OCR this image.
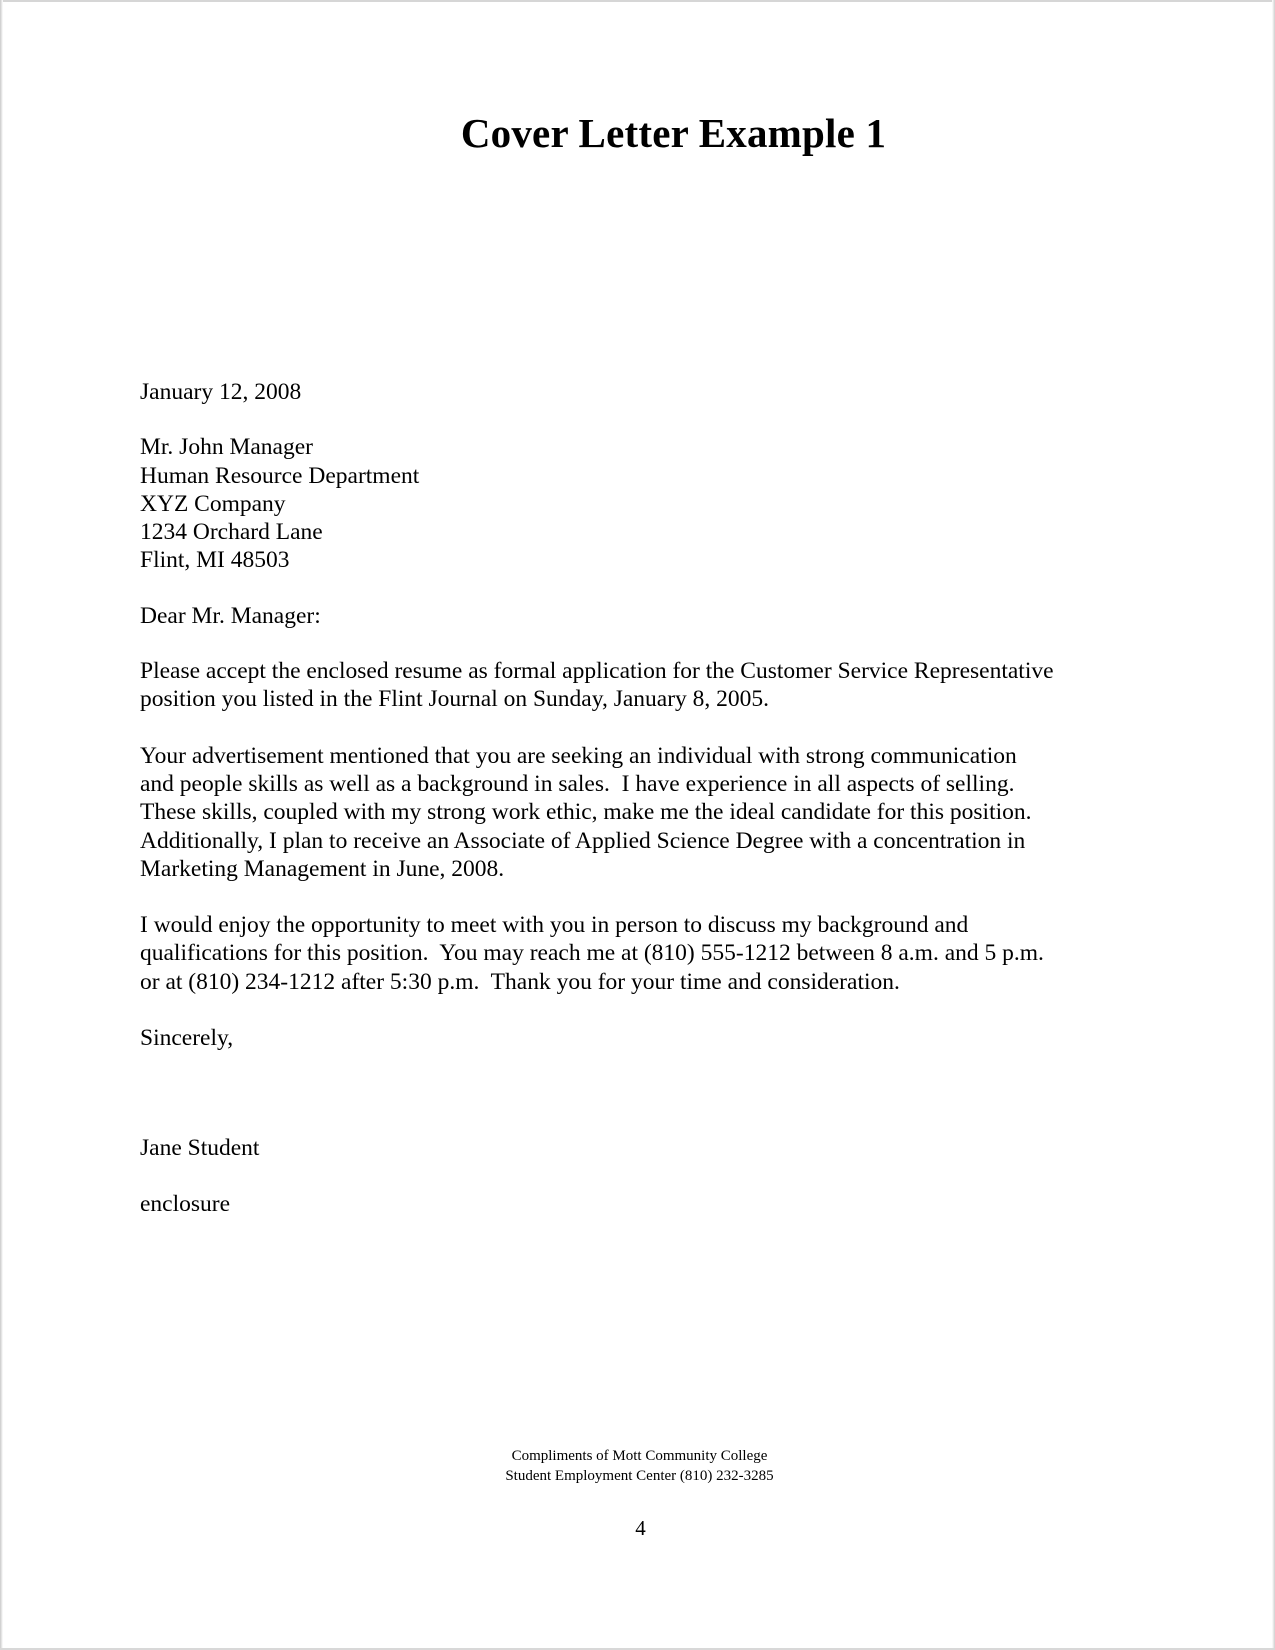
Cover Letter Example 1
January 12, 2008
Mr. John Manager
Human Resource Department
XYZ Company
1234 Orchard Lane
Flint, MI 48503
Dear Mr. Manager:

Please accept the enclosed resume as formal application for the Customer Service Representative
position you listed in the Flint Journal on Sunday, January 8, 2005.

Your advertisement mentioned that you are seeking an individual with strong communication
and people skills as well as a background in sales.  I have experience in all aspects of selling.
These skills, coupled with my strong work ethic, make me the ideal candidate for this position.
Additionally, I plan to receive an Associate of Applied Science Degree with a concentration in
Marketing Management in June, 2008.

I would enjoy the opportunity to meet with you in person to discuss my background and
qualifications for this position.  You may reach me at (810) 555-1212 between 8 a.m. and 5 p.m.
or at (810) 234-1212 after 5:30 p.m.  Thank you for your time and consideration.

Sincerely,
Jane Student
enclosure
Compliments of Mott Community College
Student Employment Center (810) 232-3285
4
